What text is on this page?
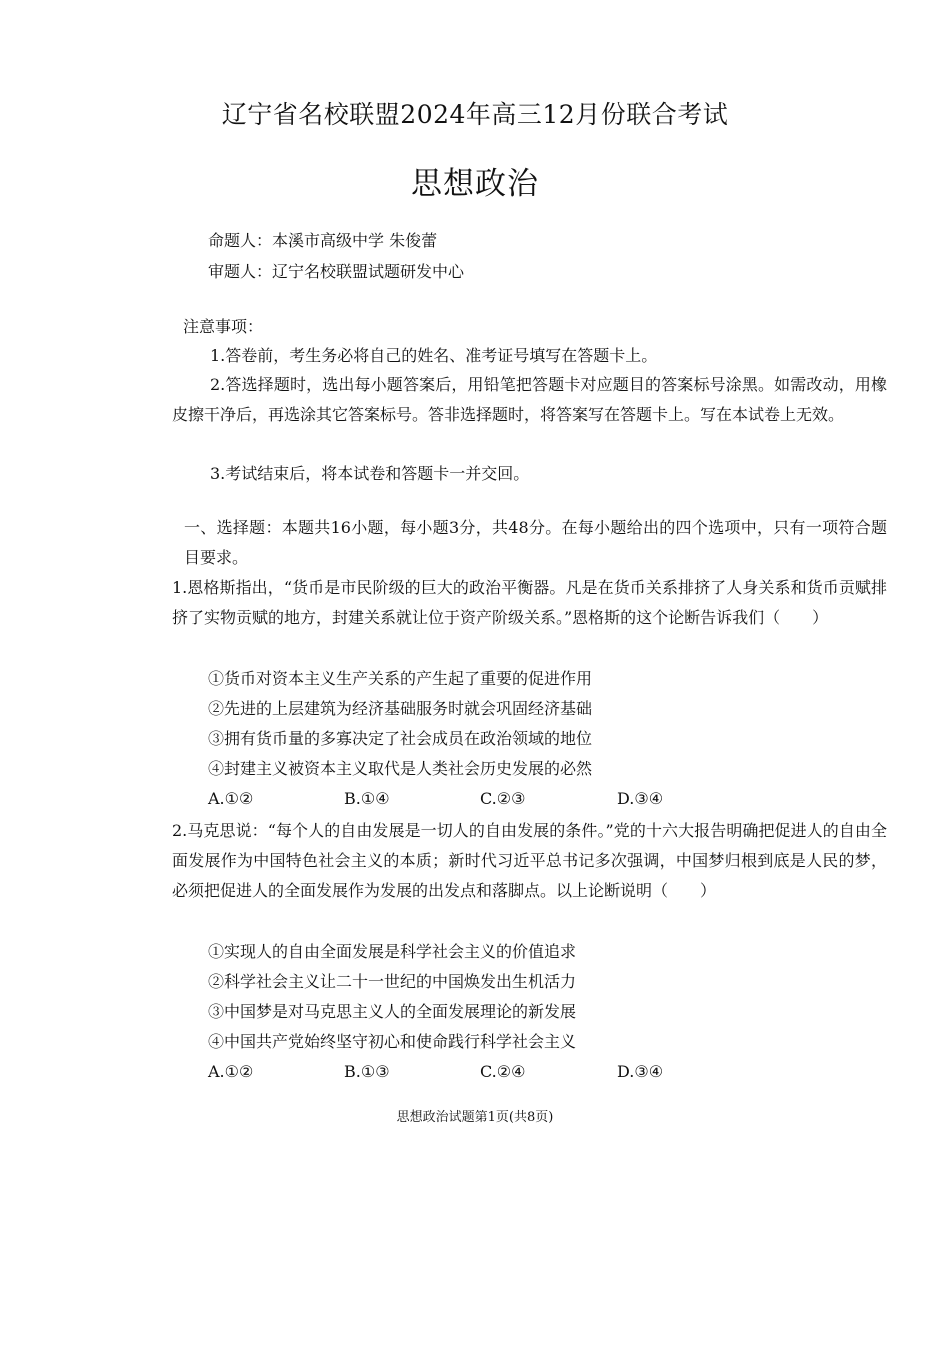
辽宁省名校联盟2024年高三12月份联合考试
思想政治
命题人：本溪市高级中学 朱俊蕾
审题人：辽宁名校联盟试题研发中心
注意事项：
1.答卷前，考生务必将自己的姓名、准考证号填写在答题卡上。
2.答选择题时，选出每小题答案后，用铅笔把答题卡对应题目的答案标号涂黑。如需改动，用橡皮擦干净后，再选涂其它答案标号。答非选择题时，将答案写在答题卡上。写在本试卷上无效。
3.考试结束后，将本试卷和答题卡一并交回。
一、选择题：本题共16小题，每小题3分，共48分。在每小题给出的四个选项中，只有一项符合题目要求。
1.恩格斯指出，“货币是市民阶级的巨大的政治平衡器。凡是在货币关系排挤了人身关系和货币贡赋排挤了实物贡赋的地方，封建关系就让位于资产阶级关系。”恩格斯的这个论断告诉我们（　　）
①货币对资本主义生产关系的产生起了重要的促进作用
②先进的上层建筑为经济基础服务时就会巩固经济基础
③拥有货币量的多寡决定了社会成员在政治领域的地位
④封建主义被资本主义取代是人类社会历史发展的必然
A.①②	B.①④	C.②③	D.③④
2.马克思说：“每个人的自由发展是一切人的自由发展的条件。”党的十六大报告明确把促进人的自由全面发展作为中国特色社会主义的本质；新时代习近平总书记多次强调，中国梦归根到底是人民的梦，必须把促进人的全面发展作为发展的出发点和落脚点。以上论断说明（　　）
①实现人的自由全面发展是科学社会主义的价值追求
②科学社会主义让二十一世纪的中国焕发出生机活力
③中国梦是对马克思主义人的全面发展理论的新发展
④中国共产党始终坚守初心和使命践行科学社会主义
A.①②	B.①③	C.②④	D.③④
思想政治试题第1页(共8页)
